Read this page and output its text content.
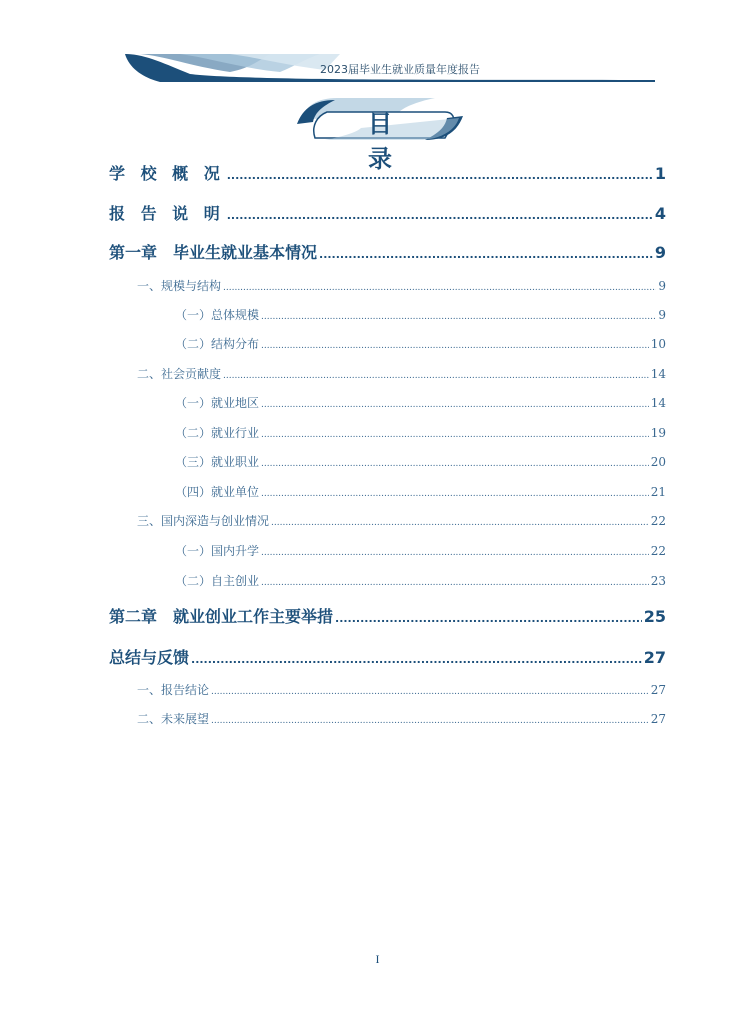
2023届毕业生就业质量年度报告
目 录
学 校 概 况 .....	1
报 告 说 明 .....	4
第一章　毕业生就业基本情况 .....	9
一、规模与结构 .....	9
（一）总体规模 .....	9
（二）结构分布 .....	10
二、社会贡献度 .....	14
（一）就业地区 .....	14
（二）就业行业 .....	19
（三）就业职业 .....	20
（四）就业单位 .....	21
三、国内深造与创业情况 .....	22
（一）国内升学 .....	22
（二）自主创业 .....	23
第二章　就业创业工作主要举措 .....	25
总结与反馈 .....	27
一、报告结论 .....	27
二、未来展望 .....	27
I
